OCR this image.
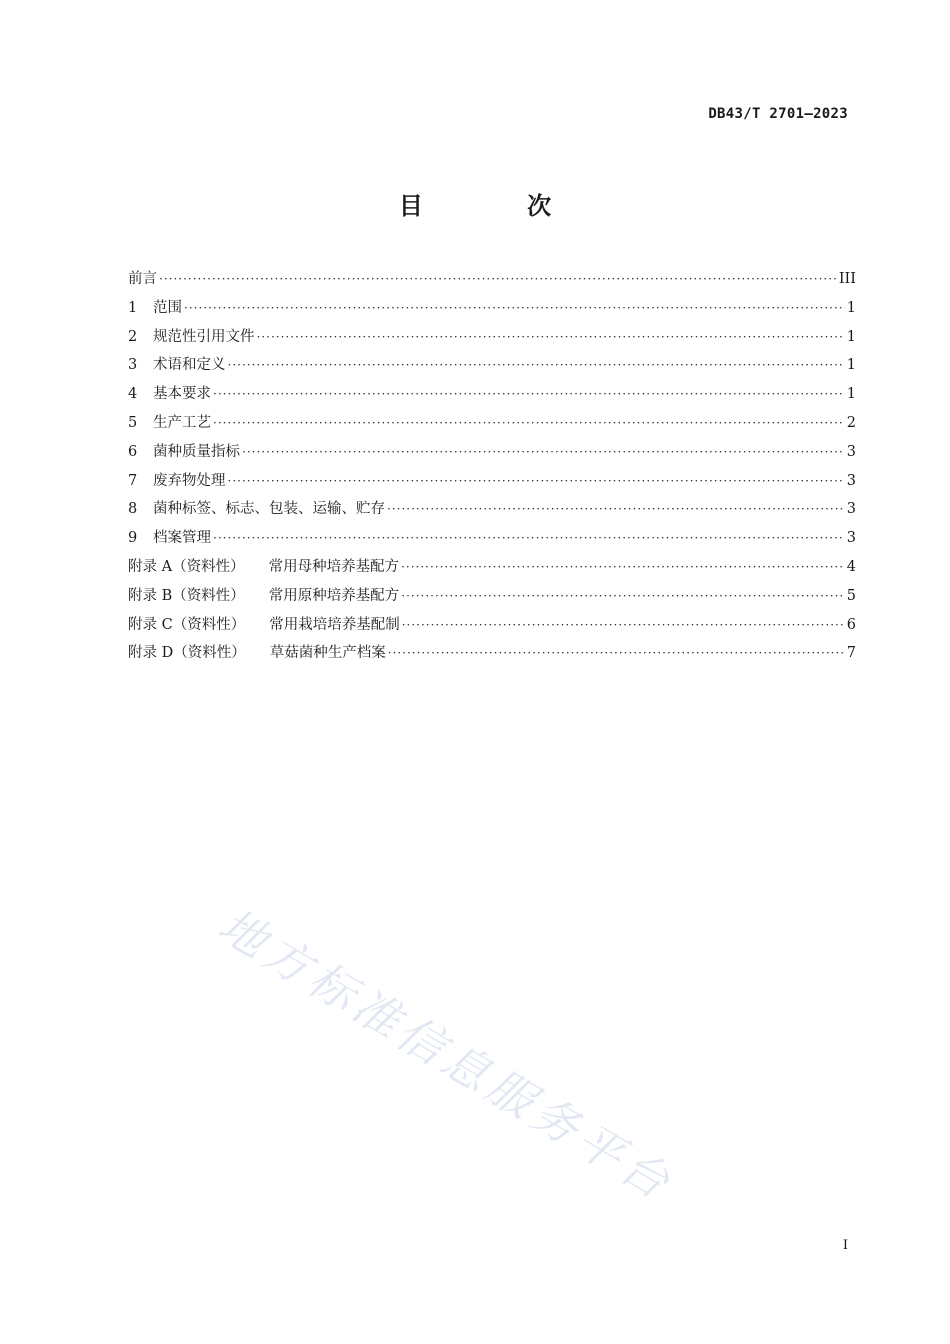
DB43/T 2701—2023
目 次
前言 ·····	III
1	范围 ·····	1
2	规范性引用文件 ·····	1
3	术语和定义 ·····	1
4	基本要求 ·····	1
5	生产工艺 ·····	2
6	菌种质量指标 ·····	3
7	废弃物处理 ·····	3
8	菌种标签、标志、包装、运输、贮存 ·····	3
9	档案管理 ·····	3
附录 A（资料性） 常用母种培养基配方 ·····	4
附录 B（资料性） 常用原种培养基配方 ·····	5
附录 C（资料性） 常用栽培培养基配制 ·····	6
附录 D（资料性） 草菇菌种生产档案 ·····	7
地方标准信息服务平台
I
